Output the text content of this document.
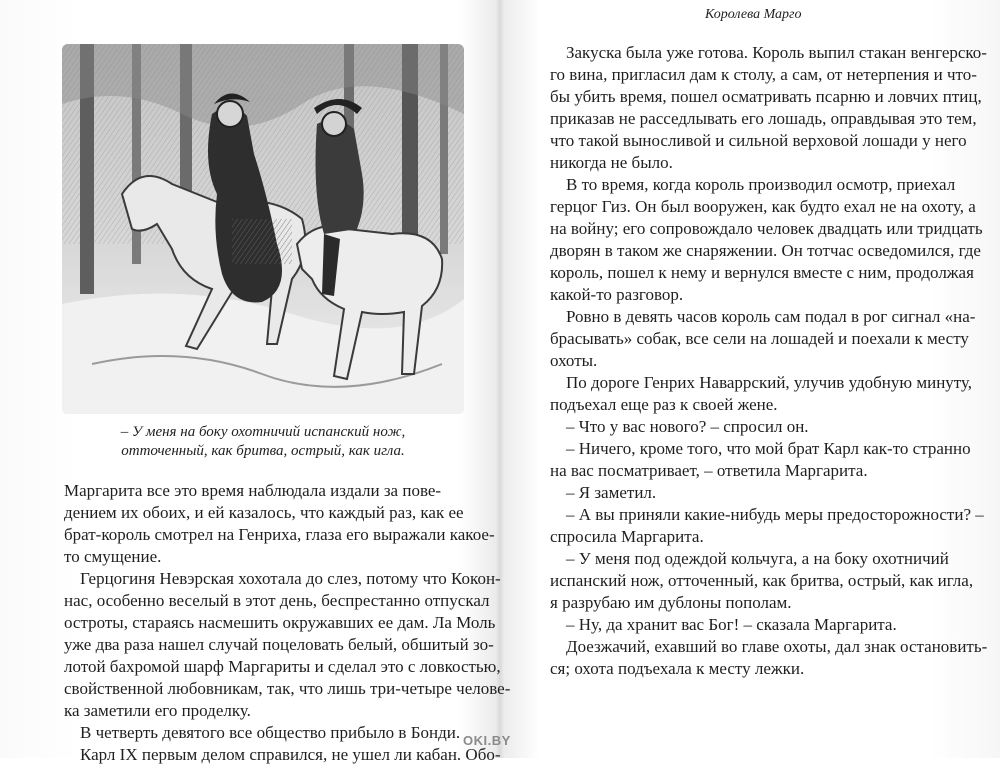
– У меня на боку охотничий испанский нож,
отточенный, как бритва, острый, как игла.
Маргарита все это время наблюдала издали за пове-
дением их обоих, и ей казалось, что каждый раз, как ее
брат-король смотрел на Генриха, глаза его выражали какое-
то смущение.
Герцогиня Невэрская хохотала до слез, потому что Кокон-
нас, особенно веселый в этот день, беспрестанно отпускал
остроты, стараясь насмешить окружавших ее дам. Ла Моль
уже два раза нашел случай поцеловать белый, обшитый зо-
лотой бахромой шарф Маргариты и сделал это с ловкостью,
свойственной любовникам, так, что лишь три-четыре челове-
ка заметили его проделку.
В четверть девятого все общество прибыло в Бонди.
Карл IX первым делом справился, не ушел ли кабан. Обо-
Королева Марго
Закуска была уже готова. Король выпил стакан венгерско-
го вина, пригласил дам к столу, а сам, от нетерпения и что-
бы убить время, пошел осматривать псарню и ловчих птиц,
приказав не расседлывать его лошадь, оправдывая это тем,
что такой выносливой и сильной верховой лошади у него
никогда не было.
В то время, когда король производил осмотр, приехал
герцог Гиз. Он был вооружен, как будто ехал не на охоту, а
на войну; его сопровождало человек двадцать или тридцать
дворян в таком же снаряжении. Он тотчас осведомился, где
король, пошел к нему и вернулся вместе с ним, продолжая
какой-то разговор.
Ровно в девять часов король сам подал в рог сигнал «на-
брасывать» собак, все сели на лошадей и поехали к месту
охоты.
По дороге Генрих Наваррский, улучив удобную минуту,
подъехал еще раз к своей жене.
– Что у вас нового? – спросил он.
– Ничего, кроме того, что мой брат Карл как-то странно
на вас посматривает, – ответила Маргарита.
– Я заметил.
– А вы приняли какие-нибудь меры предосторожности? –
спросила Маргарита.
– У меня под одеждой кольчуга, а на боку охотничий
испанский нож, отточенный, как бритва, острый, как игла,
я разрубаю им дублоны пополам.
– Ну, да хранит вас Бог! – сказала Маргарита.
Доезжачий, ехавший во главе охоты, дал знак остановить-
ся; охота подъехала к месту лежки.
OKI.BY
